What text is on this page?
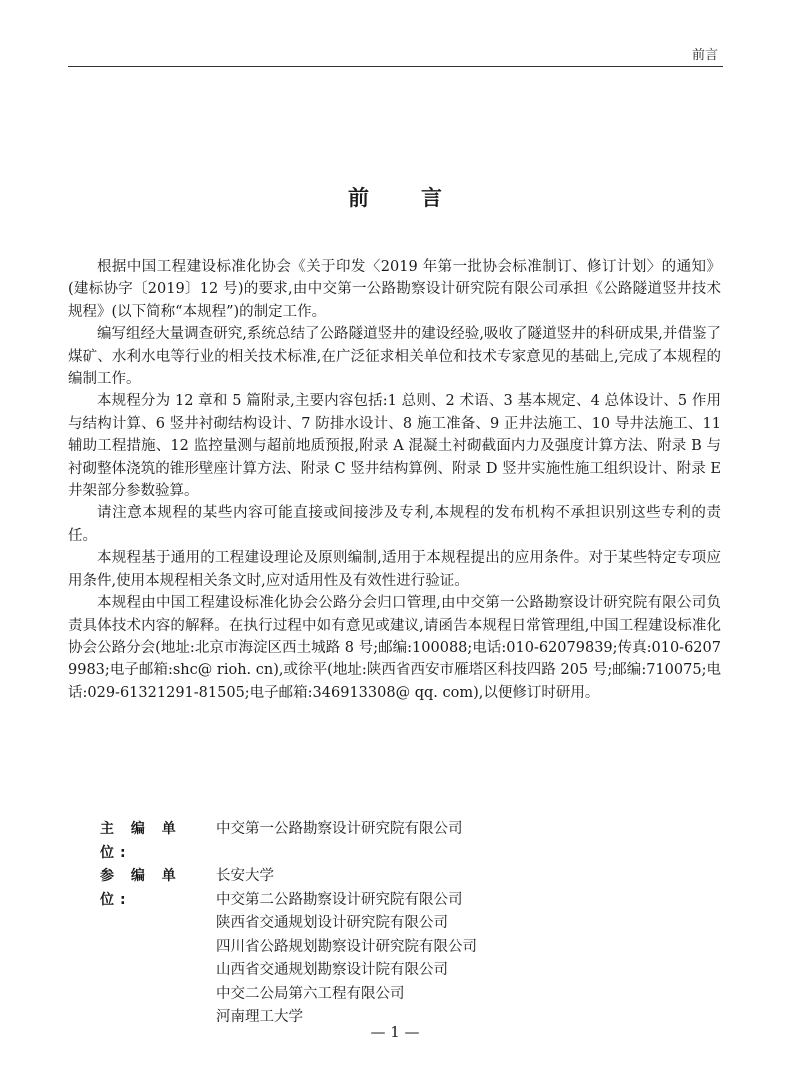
前言
前言

根据中国工程建设标准化协会《关于印发〈2019 年第一批协会标准制订、修订计划〉的通知》(建标协字〔2019〕12 号)的要求,由中交第一公路勘察设计研究院有限公司承担《公路隧道竖井技术规程》(以下简称“本规程”)的制定工作。

编写组经大量调查研究,系统总结了公路隧道竖井的建设经验,吸收了隧道竖井的科研成果,并借鉴了煤矿、水利水电等行业的相关技术标准,在广泛征求相关单位和技术专家意见的基础上,完成了本规程的编制工作。

本规程分为 12 章和 5 篇附录,主要内容包括:1 总则、2 术语、3 基本规定、4 总体设计、5 作用与结构计算、6 竖井衬砌结构设计、7 防排水设计、8 施工准备、9 正井法施工、10 导井法施工、11 辅助工程措施、12 监控量测与超前地质预报,附录 A 混凝土衬砌截面内力及强度计算方法、附录 B 与衬砌整体浇筑的锥形壁座计算方法、附录 C 竖井结构算例、附录 D 竖井实施性施工组织设计、附录 E 井架部分参数验算。

请注意本规程的某些内容可能直接或间接涉及专利,本规程的发布机构不承担识别这些专利的责任。

本规程基于通用的工程建设理论及原则编制,适用于本规程提出的应用条件。对于某些特定专项应用条件,使用本规程相关条文时,应对适用性及有效性进行验证。

本规程由中国工程建设标准化协会公路分会归口管理,由中交第一公路勘察设计研究院有限公司负责具体技术内容的解释。在执行过程中如有意见或建议,请函告本规程日常管理组,中国工程建设标准化协会公路分会(地址:北京市海淀区西土城路 8 号;邮编:100088;电话:010-62079839;传真:010-62079983;电子邮箱:shc@ rioh. cn),或徐平(地址:陕西省西安市雁塔区科技四路 205 号;邮编:710075;电话:029-61321291-81505;电子邮箱:346913308@ qq. com),以便修订时研用。

主 编 单 位:
中交第一公路勘察设计研究院有限公司
参 编 单 位:
长安大学
中交第二公路勘察设计研究院有限公司
陕西省交通规划设计研究院有限公司
四川省公路规划勘察设计研究院有限公司
山西省交通规划勘察设计院有限公司
中交二公局第六工程有限公司
河南理工大学
— 1 —
